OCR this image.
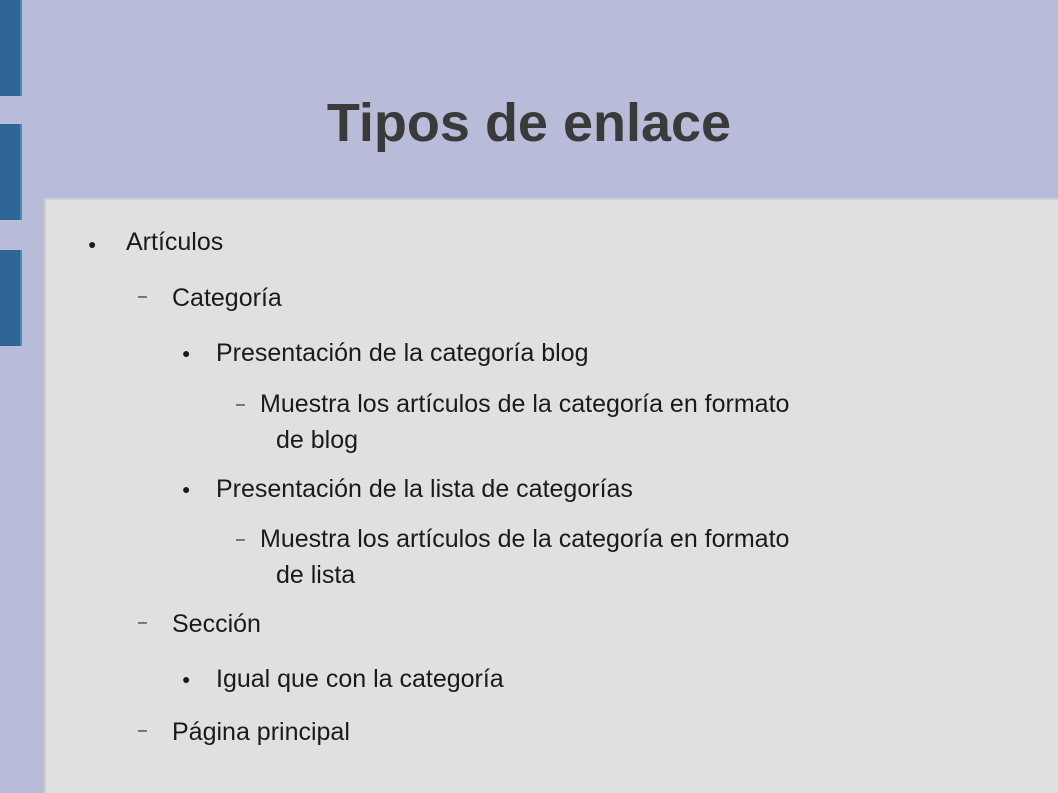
Tipos de enlace
● Artículos
– Categoría
● Presentación de la categoría blog
– Muestra los artículos de la categoría en formato
de blog
● Presentación de la lista de categorías
– Muestra los artículos de la categoría en formato
de lista
– Sección
● Igual que con la categoría
– Página principal
